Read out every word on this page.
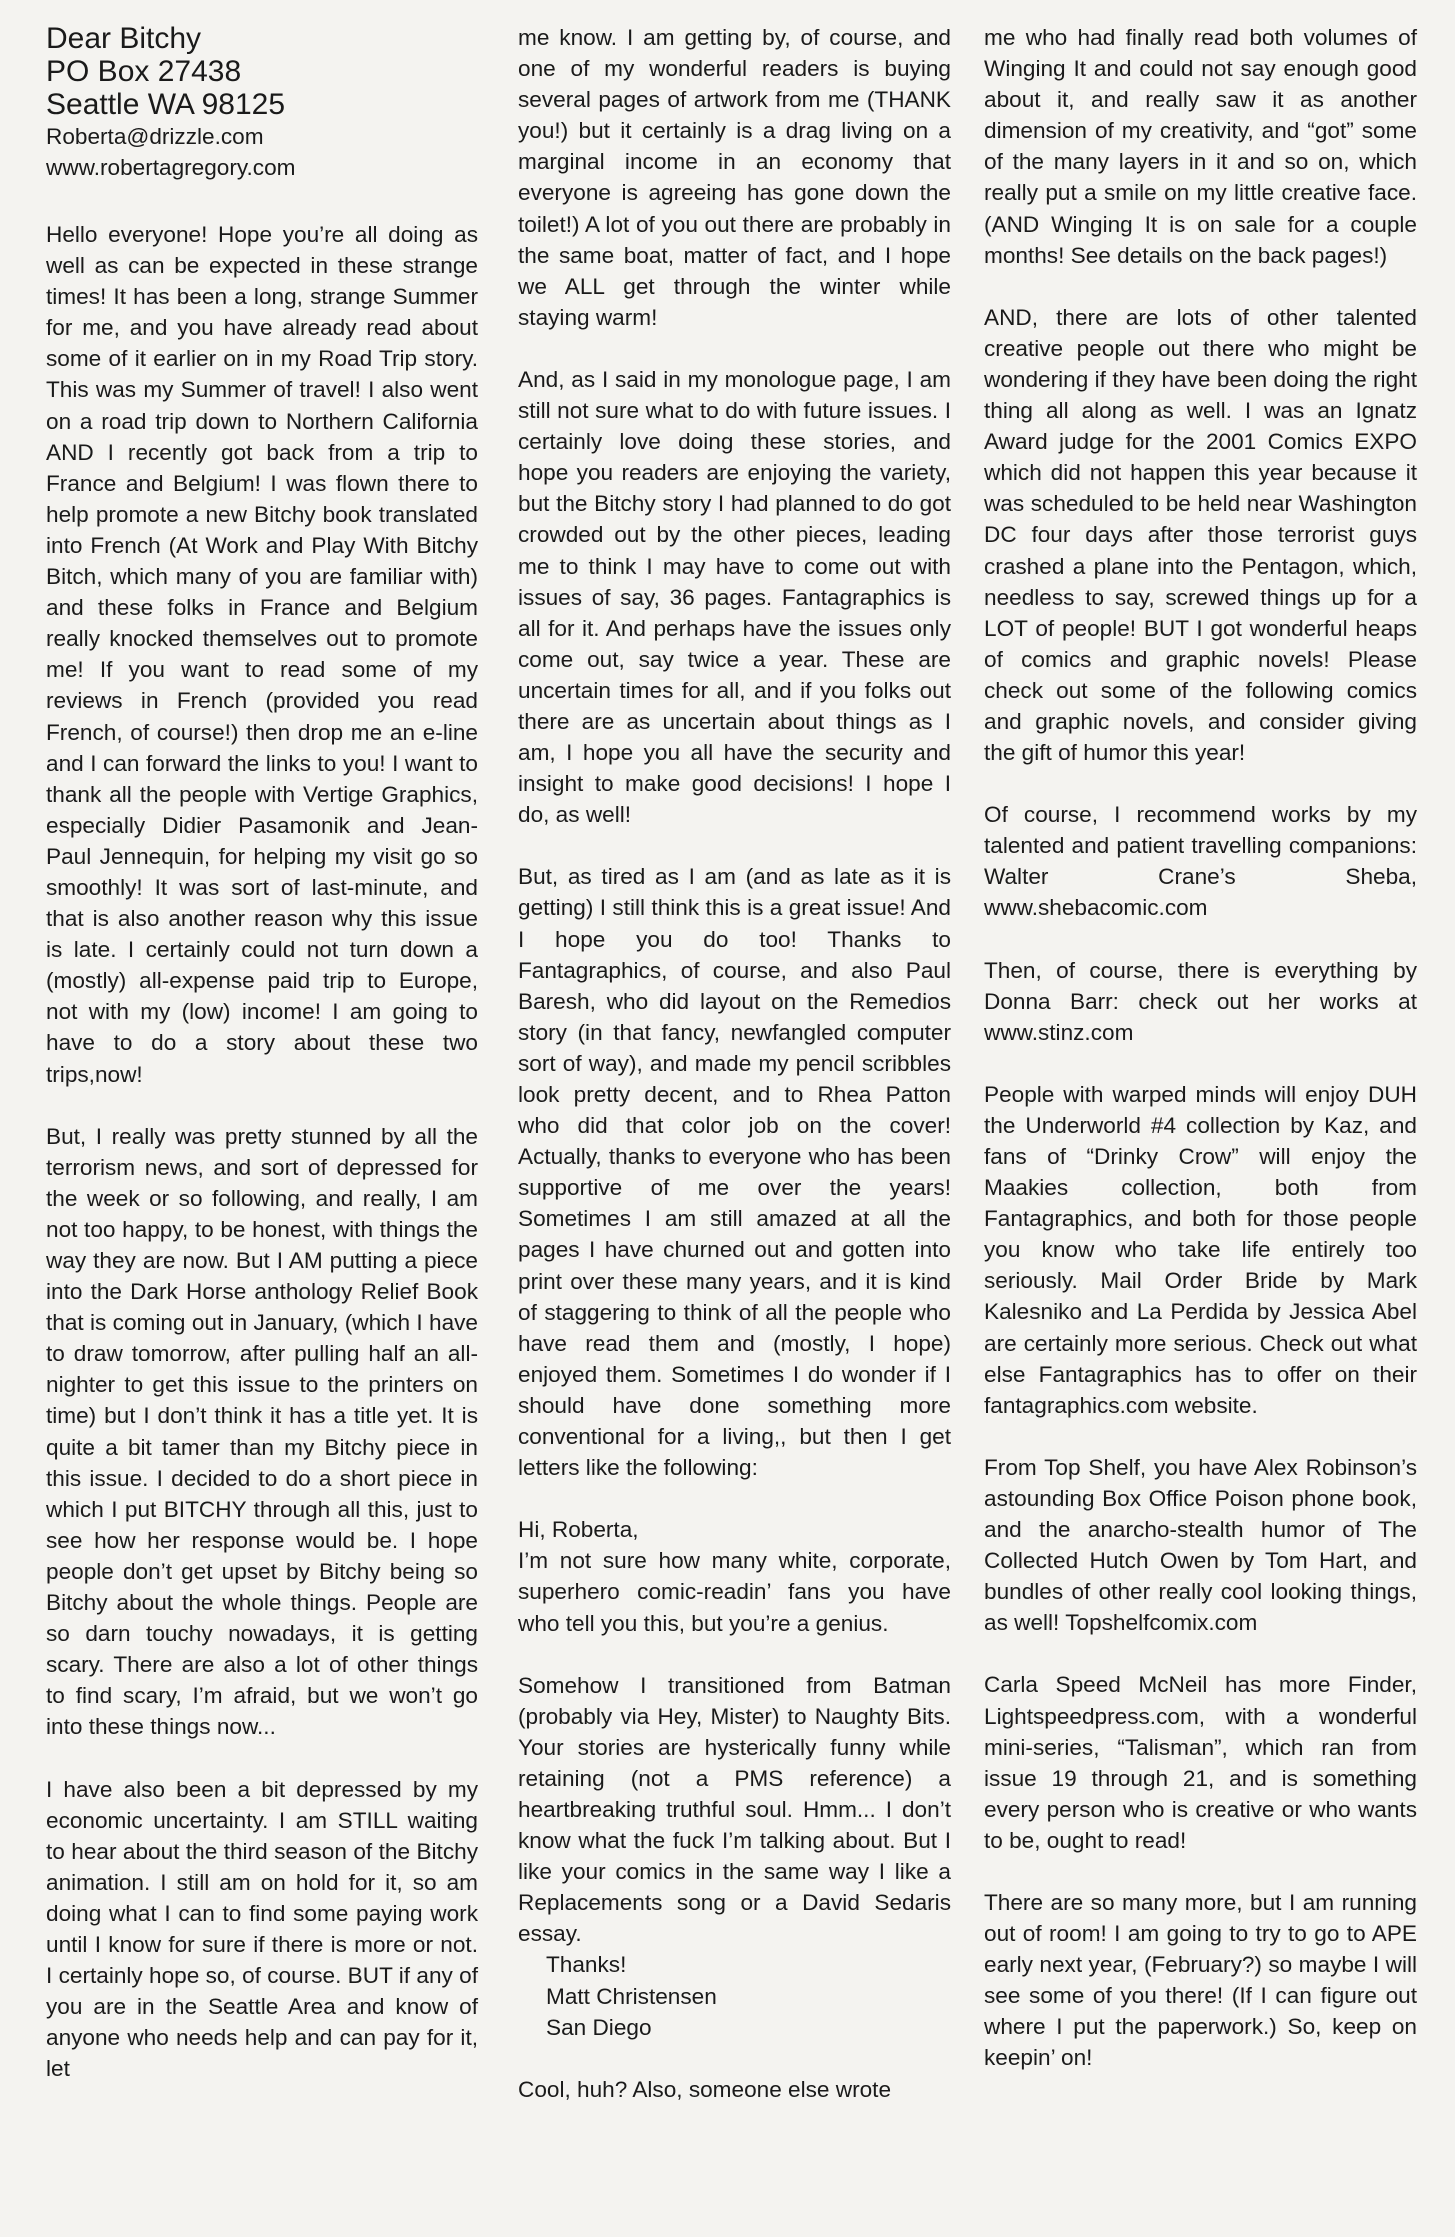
Dear Bitchy
PO Box 27438
Seattle WA 98125
Roberta@drizzle.com
www.robertagregory.com

Hello everyone! Hope you’re all doing as well as can be expected in these strange times! It has been a long, strange Summer for me, and you have already read about some of it earlier on in my Road Trip story. This was my Summer of travel! I also went on a road trip down to Northern California AND I recently got back from a trip to France and Belgium! I was flown there to help promote a new Bitchy book translated into French (At Work and Play With Bitchy Bitch, which many of you are familiar with) and these folks in France and Belgium really knocked themselves out to promote me! If you want to read some of my reviews in French (provided you read French, of course!) then drop me an e-line and I can forward the links to you! I want to thank all the people with Vertige Graphics, especially Didier Pasamonik and Jean-Paul Jennequin, for helping my visit go so smoothly! It was sort of last-minute, and that is also another reason why this issue is late. I certainly could not turn down a (mostly) all-expense paid trip to Europe, not with my (low) income! I am going to have to do a story about these two trips,now!

But, I really was pretty stunned by all the terrorism news, and sort of depressed for the week or so following, and really, I am not too happy, to be honest, with things the way they are now. But I AM putting a piece into the Dark Horse anthology Relief Book that is coming out in January, (which I have to draw tomorrow, after pulling half an all-nighter to get this issue to the printers on time) but I don’t think it has a title yet. It is quite a bit tamer than my Bitchy piece in this issue. I decided to do a short piece in which I put BITCHY through all this, just to see how her response would be. I hope people don’t get upset by Bitchy being so Bitchy about the whole things. People are so darn touchy nowadays, it is getting scary. There are also a lot of other things to find scary, I’m afraid, but we won’t go into these things now...

I have also been a bit depressed by my economic uncertainty. I am STILL waiting to hear about the third season of the Bitchy animation. I still am on hold for it, so am doing what I can to find some paying work until I know for sure if there is more or not. I certainly hope so, of course. BUT if any of you are in the Seattle Area and know of anyone who needs help and can pay for it, let

me know. I am getting by, of course, and one of my wonderful readers is buying several pages of artwork from me (THANK you!) but it certainly is a drag living on a marginal income in an economy that everyone is agreeing has gone down the toilet!) A lot of you out there are probably in the same boat, matter of fact, and I hope we ALL get through the winter while staying warm!

And, as I said in my monologue page, I am still not sure what to do with future issues. I certainly love doing these stories, and hope you readers are enjoying the variety, but the Bitchy story I had planned to do got crowded out by the other pieces, leading me to think I may have to come out with issues of say, 36 pages. Fantagraphics is all for it. And perhaps have the issues only come out, say twice a year. These are uncertain times for all, and if you folks out there are as uncertain about things as I am, I hope you all have the security and insight to make good decisions! I hope I do, as well!

But, as tired as I am (and as late as it is getting) I still think this is a great issue! And I hope you do too! Thanks to Fantagraphics, of course, and also Paul Baresh, who did layout on the Remedios story (in that fancy, newfangled computer sort of way), and made my pencil scribbles look pretty decent, and to Rhea Patton who did that color job on the cover! Actually, thanks to everyone who has been supportive of me over the years! Sometimes I am still amazed at all the pages I have churned out and gotten into print over these many years, and it is kind of staggering to think of all the people who have read them and (mostly, I hope) enjoyed them. Sometimes I do wonder if I should have done something more conventional for a living,, but then I get letters like the following:

Hi, Roberta,

I’m not sure how many white, corporate, superhero comic-readin’ fans you have who tell you this, but you’re a genius.

Somehow I transitioned from Batman (probably via Hey, Mister) to Naughty Bits. Your stories are hysterically funny while retaining (not a PMS reference) a heartbreaking truthful soul. Hmm... I don’t know what the fuck I’m talking about. But I like your comics in the same way I like a Replacements song or a David Sedaris essay.

Thanks!
Matt Christensen
San Diego

Cool, huh? Also, someone else wrote

me who had finally read both volumes of Winging It and could not say enough good about it, and really saw it as another dimension of my creativity, and “got” some of the many layers in it and so on, which really put a smile on my little creative face. (AND Winging It is on sale for a couple months! See details on the back pages!)

AND, there are lots of other talented creative people out there who might be wondering if they have been doing the right thing all along as well. I was an Ignatz Award judge for the 2001 Comics EXPO which did not happen this year because it was scheduled to be held near Washington DC four days after those terrorist guys crashed a plane into the Pentagon, which, needless to say, screwed things up for a LOT of people! BUT I got wonderful heaps of comics and graphic novels! Please check out some of the following comics and graphic novels, and consider giving the gift of humor this year!

Of course, I recommend works by my talented and patient travelling companions: Walter Crane’s Sheba, www.shebacomic.com

Then, of course, there is everything by Donna Barr: check out her works at www.stinz.com

People with warped minds will enjoy DUH the Underworld #4 collection by Kaz, and fans of “Drinky Crow” will enjoy the Maakies collection, both from Fantagraphics, and both for those people you know who take life entirely too seriously. Mail Order Bride by Mark Kalesniko and La Perdida by Jessica Abel are certainly more serious. Check out what else Fantagraphics has to offer on their fantagraphics.com website.

From Top Shelf, you have Alex Robinson’s astounding Box Office Poison phone book, and the anarcho-stealth humor of The Collected Hutch Owen by Tom Hart, and bundles of other really cool looking things, as well! Topshelfcomix.com

Carla Speed McNeil has more Finder, Lightspeedpress.com, with a wonderful mini-series, “Talisman”, which ran from issue 19 through 21, and is something every person who is creative or who wants to be, ought to read!

There are so many more, but I am running out of room! I am going to try to go to APE early next year, (February?) so maybe I will see some of you there! (If I can figure out where I put the paperwork.) So, keep on keepin’ on!
